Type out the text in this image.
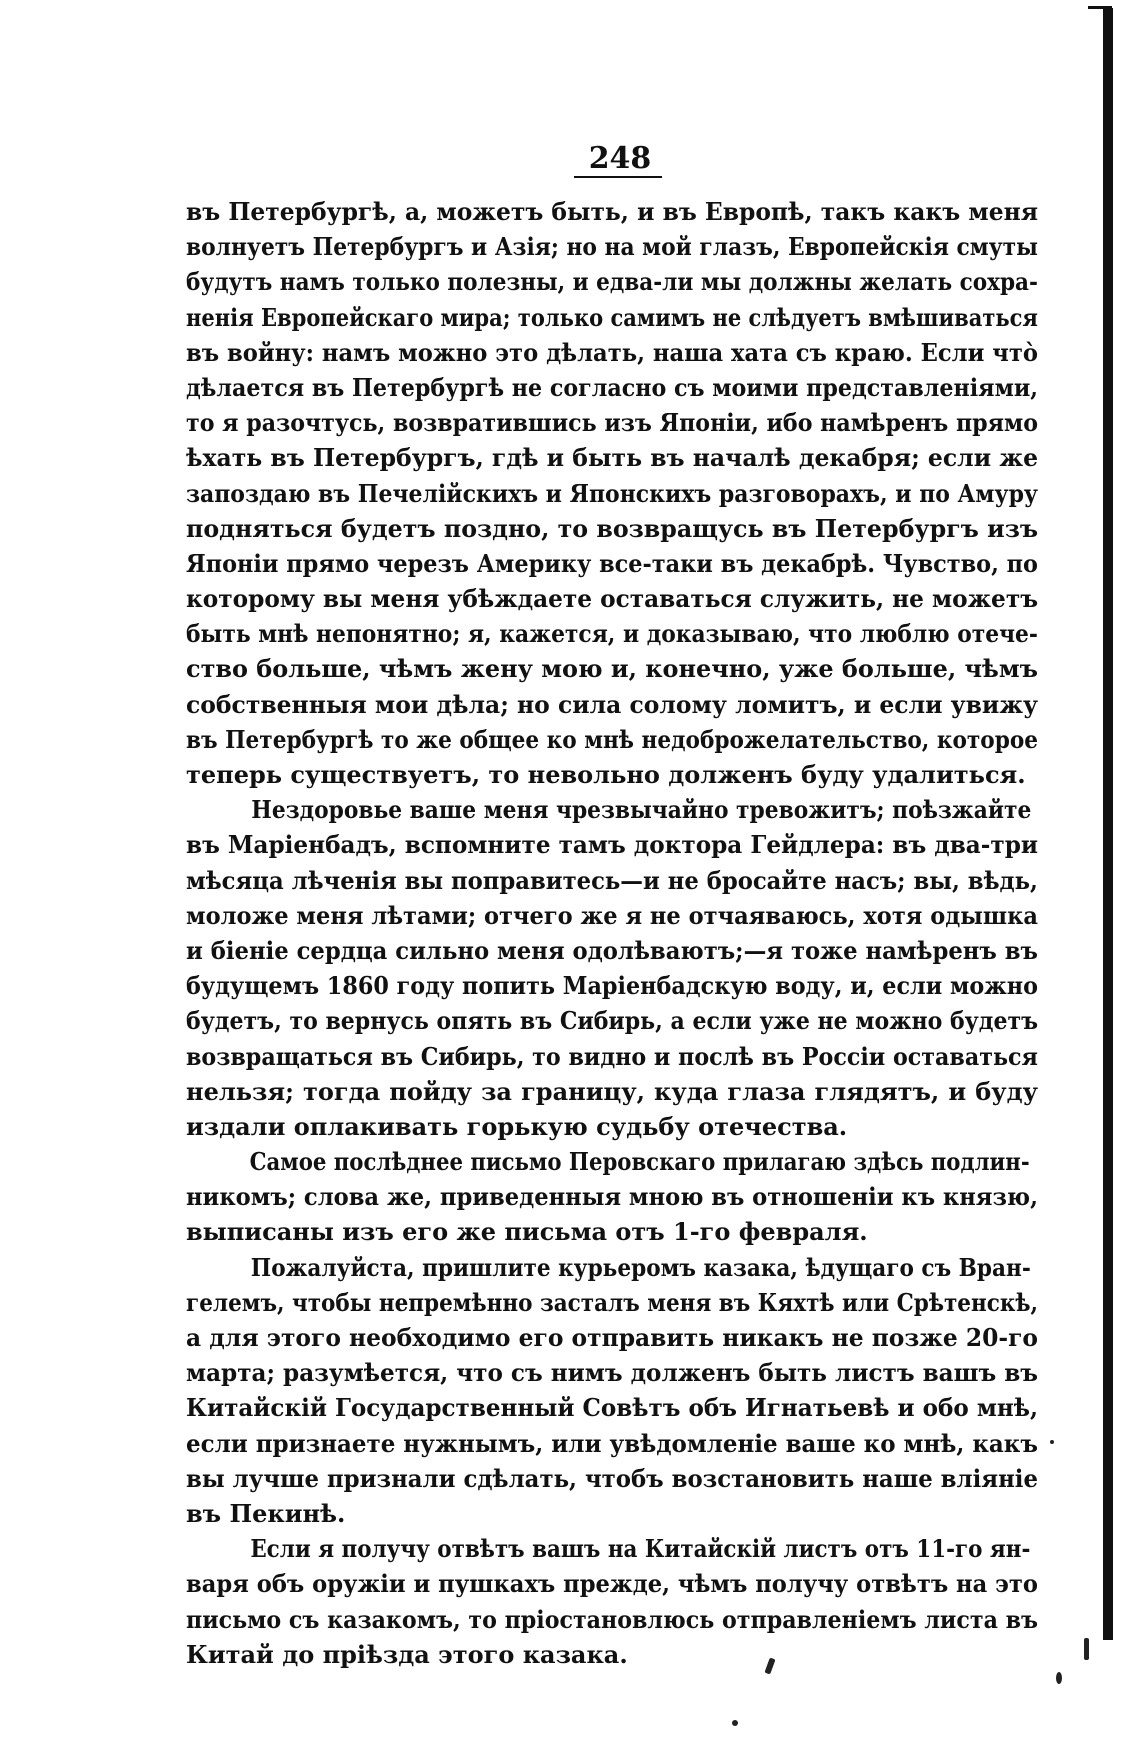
248

въ Петербургѣ, а, можетъ быть, и въ Европѣ, такъ какъ меня
волнуетъ Петербургъ и Азія; но на мой глазъ, Европейскія смуты
будутъ намъ только полезны, и едва-ли мы должны желать сохра-
ненія Европейскаго мира; только самимъ не слѣдуетъ вмѣшиваться
въ войну: намъ можно это дѣлать, наша хата съ краю. Если что̀
дѣлается въ Петербургѣ не согласно съ моими представленіями,
то я разочтусь, возвратившись изъ Японіи, ибо намѣренъ прямо
ѣхать въ Петербургъ, гдѣ и быть въ началѣ декабря; если же
запоздаю въ Печелійскихъ и Японскихъ разговорахъ, и по Амуру
подняться будетъ поздно, то возвращусь въ Петербургъ изъ
Японіи прямо черезъ Америку все-таки въ декабрѣ. Чувство, по
которому вы меня убѣждаете оставаться служить, не можетъ
быть мнѣ непонятно; я, кажется, и доказываю, что люблю отече-
ство больше, чѣмъ жену мою и, конечно, уже больше, чѣмъ
собственныя мои дѣла; но сила солому ломитъ, и если увижу
въ Петербургѣ то же общее ко мнѣ недоброжелательство, которое
теперь существуетъ, то невольно долженъ буду удалиться.

Нездоровье ваше меня чрезвычайно тревожитъ; поѣзжайте
въ Маріенбадъ, вспомните тамъ доктора Гейдлера: въ два-три
мѣсяца лѣченія вы поправитесь—и не бросайте насъ; вы, вѣдь,
моложе меня лѣтами; отчего же я не отчаяваюсь, хотя одышка
и біеніе сердца сильно меня одолѣваютъ;—я тоже намѣренъ въ
будущемъ 1860 году попить Маріенбадскую воду, и, если можно
будетъ, то вернусь опять въ Сибирь, а если уже не можно будетъ
возвращаться въ Сибирь, то видно и послѣ въ Россіи оставаться
нельзя; тогда пойду за границу, куда глаза глядятъ, и буду
издали оплакивать горькую судьбу отечества.

Самое послѣднее письмо Перовскаго прилагаю здѣсь подлин-
никомъ; слова же, приведенныя мною въ отношеніи къ князю,
выписаны изъ его же письма отъ 1-го февраля.

Пожалуйста, пришлите курьеромъ казака, ѣдущаго съ Вран-
гелемъ, чтобы непремѣнно засталъ меня въ Кяхтѣ или Срѣтенскѣ,
а для этого необходимо его отправить никакъ не позже 20-го
марта; разумѣется, что съ нимъ долженъ быть листъ вашъ въ
Китайскій Государственный Совѣтъ объ Игнатьевѣ и обо мнѣ,
если признаете нужнымъ, или увѣдомленіе ваше ко мнѣ, какъ
вы лучше признали сдѣлать, чтобъ возстановить наше вліяніе
въ Пекинѣ.

Если я получу отвѣтъ вашъ на Китайскій листъ отъ 11-го ян-
варя объ оружіи и пушкахъ прежде, чѣмъ получу отвѣтъ на это
письмо съ казакомъ, то пріостановлюсь отправленіемъ листа въ
Китай до пріѣзда этого казака.
